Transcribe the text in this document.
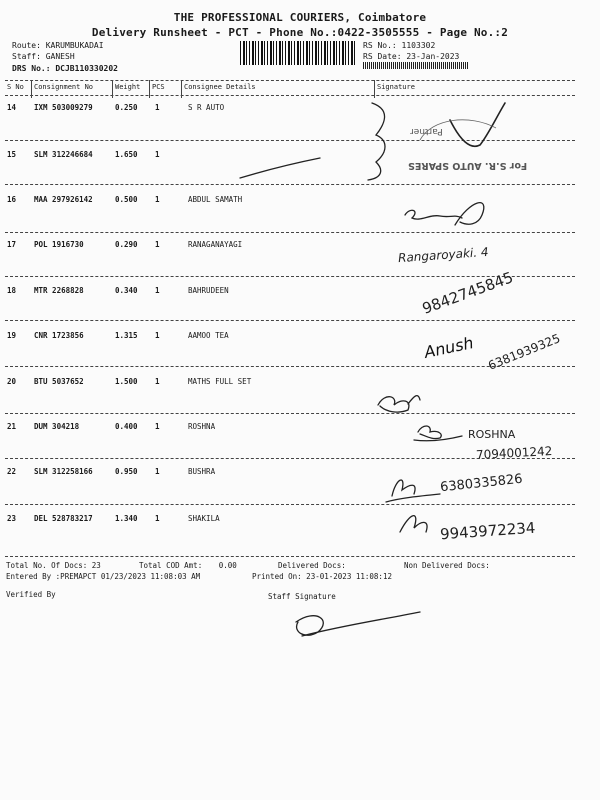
THE PROFESSIONAL COURIERS, Coimbatore
Delivery Runsheet - PCT - Phone No.:0422-3505555 - Page No.:2
Route: KARUMBUKADAI
Staff: GANESH
DRS No.: DCJB110330202
RS No.: 1103302
RS Date: 23-Jan-2023
S No Consignment No	Weight PCS	Consignee Details	Signature
14 IXM 503009279	0.250 1	S R AUTO
15 SLM 312246684	1.650 1
16 MAA 297926142	0.500 1	ABDUL SAMATH
17 POL 1916730	0.290 1	RANAGANAYAGI
18 MTR 2268828	0.340 1	BAHRUDEEN
19 CNR 1723856	1.315 1	AAMOO TEA
20 BTU 5037652	1.500 1	MATHS FULL SET
21 DUM 304218	0.400 1	ROSHNA
22 SLM 312258166	0.950 1	BUSHRA
23 DEL 528783217	1.340 1	SHAKILA
Partner
For S.R. AUTO SPARES
Rangaroyaki. 4
9842745845
Anush 6381939325
ROSHNA
7094001242
6380335826
9943972234
Total No. Of Docs: 23	Total COD Amt: 0.00	Delivered Docs:	Non Delivered Docs:
Entered By :PREMAPCT 01/23/2023 11:08:03 AM	Printed On: 23-01-2023 11:08:12
Verified By	Staff Signature
